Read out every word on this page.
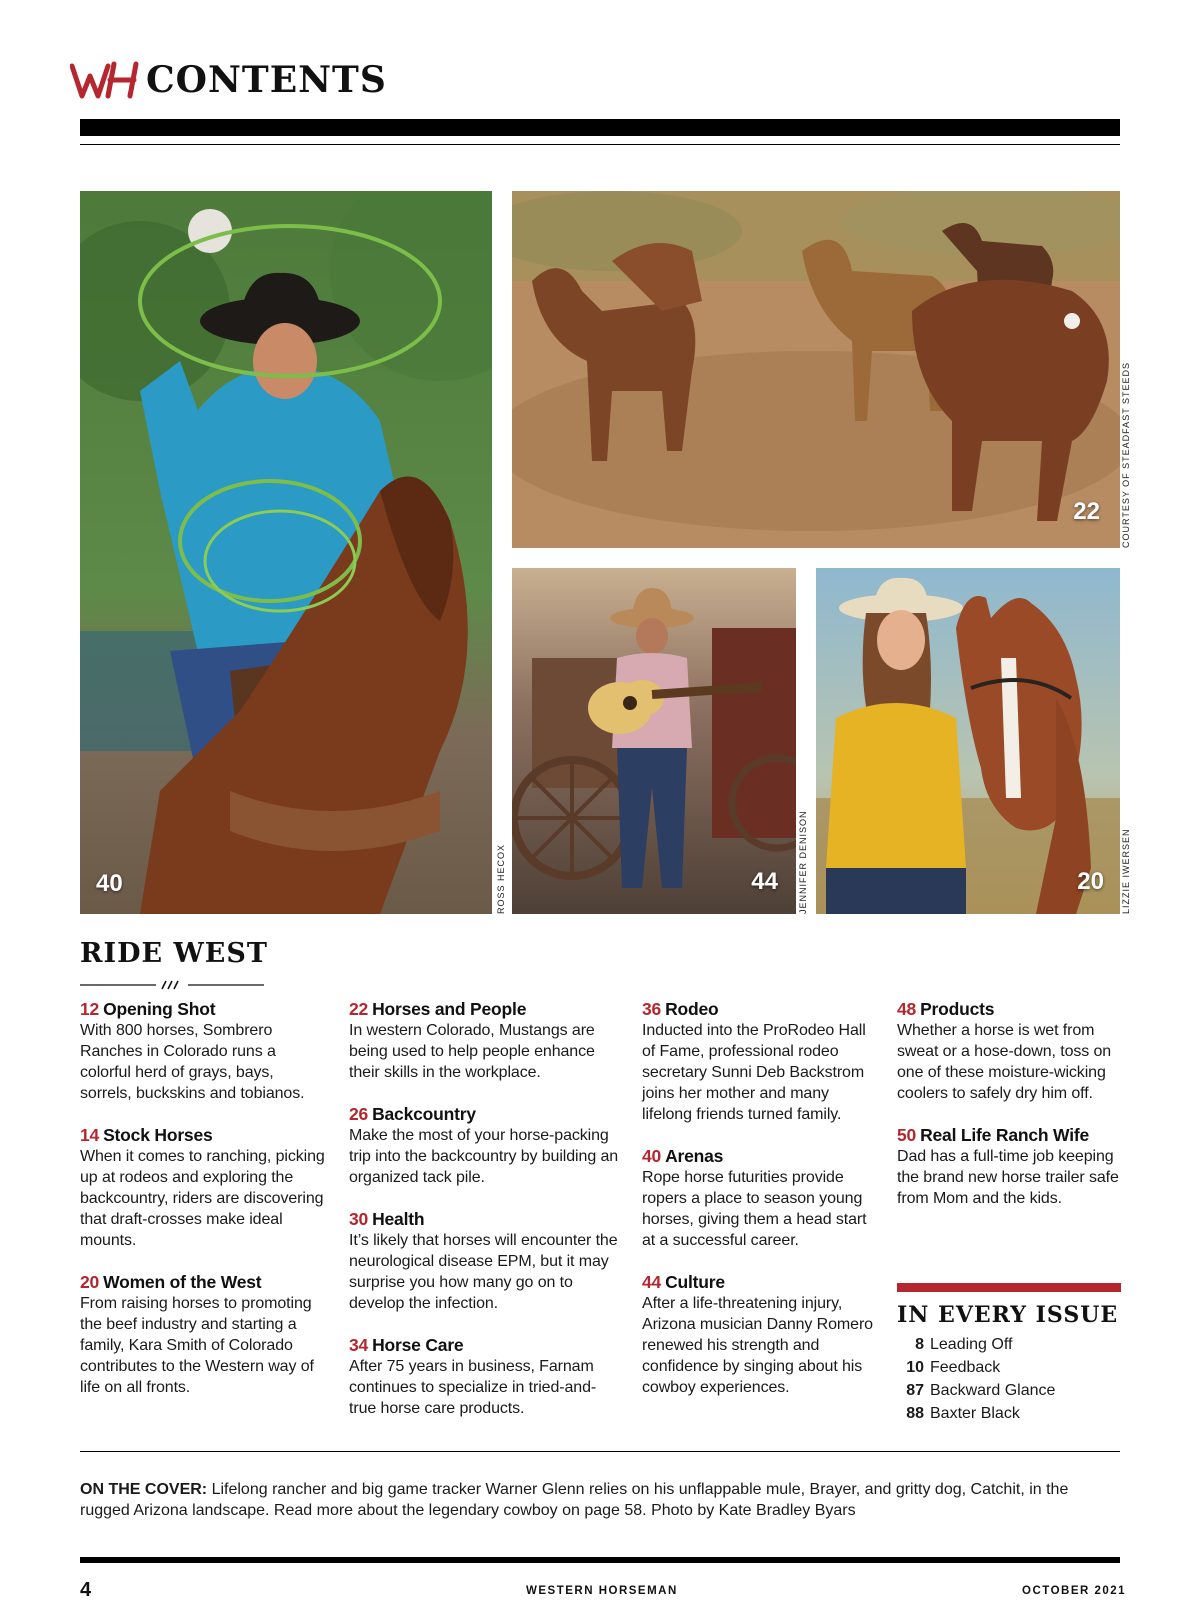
CONTENTS
40	ROSS HECOX
22 COURTESY OF STEADFAST STEEDS
44 JENNIFER DENISON	20 LIZZIE IWERSEN
RIDE WEST
12 Opening Shot
With 800 horses, Sombrero Ranches in Colorado runs a colorful herd of grays, bays, sorrels, buckskins and tobianos.
14 Stock Horses
When it comes to ranching, picking up at rodeos and exploring the backcountry, riders are discovering that draft-crosses make ideal mounts.
20 Women of the West
From raising horses to promoting the beef industry and starting a family, Kara Smith of Colorado contributes to the Western way of life on all fronts.
22 Horses and People
In western Colorado, Mustangs are being used to help people enhance their skills in the workplace.
26 Backcountry
Make the most of your horse-packing trip into the backcountry by building an organized tack pile.
30 Health
It’s likely that horses will encounter the neurological disease EPM, but it may surprise you how many go on to develop the infection.
34 Horse Care
After 75 years in business, Farnam continues to specialize in tried-and-true horse care products.
36 Rodeo
Inducted into the ProRodeo Hall of Fame, professional rodeo secretary Sunni Deb Backstrom joins her mother and many lifelong friends turned family.
40 Arenas
Rope horse futurities provide ropers a place to season young horses, giving them a head start at a successful career.
44 Culture
After a life-threatening injury, Arizona musician Danny Romero renewed his strength and confidence by singing about his cowboy experiences.
48 Products
Whether a horse is wet from sweat or a hose-down, toss on one of these moisture-wicking coolers to safely dry him off.
50 Real Life Ranch Wife
Dad has a full-time job keeping the brand new horse trailer safe from Mom and the kids.
IN EVERY ISSUE
8 Leading Off
10 Feedback
87 Backward Glance
88 Baxter Black
ON THE COVER: Lifelong rancher and big game tracker Warner Glenn relies on his unflappable mule, Brayer, and gritty dog, Catchit, in the rugged Arizona landscape. Read more about the legendary cowboy on page 58. Photo by Kate Bradley Byars
4	WESTERN HORSEMAN	OCTOBER 2021
